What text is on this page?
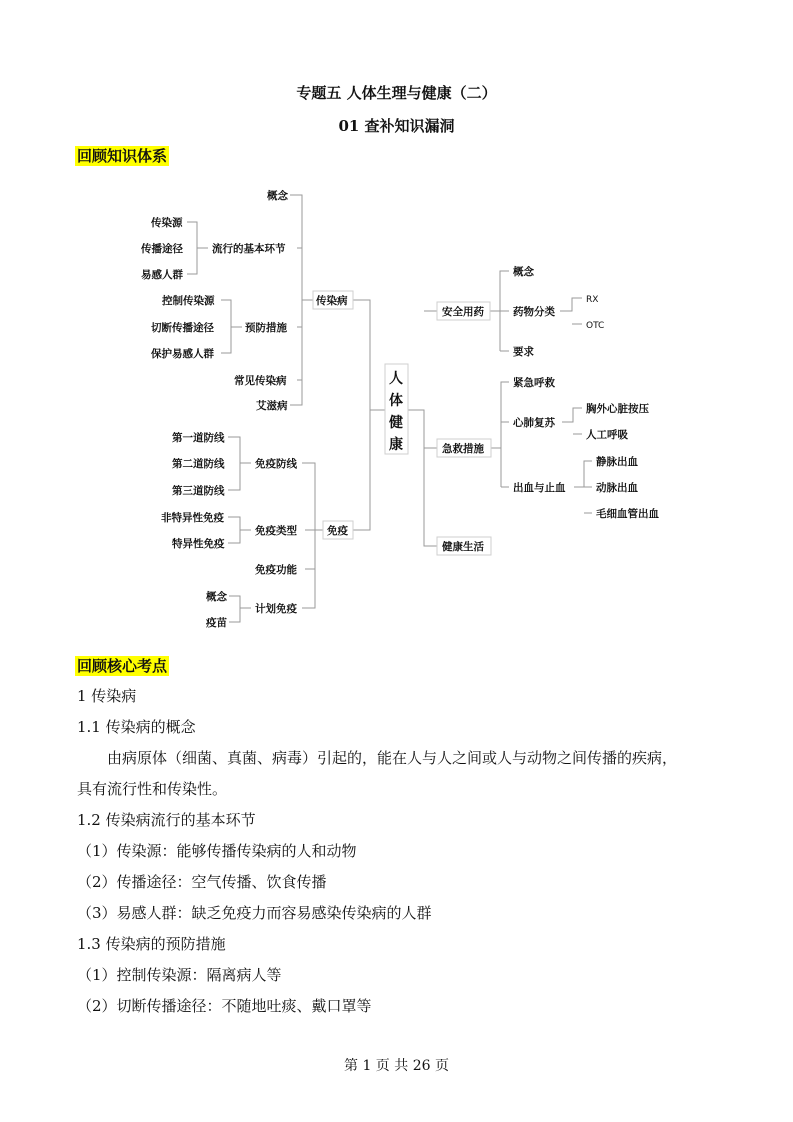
专题五 人体生理与健康（二）
01 查补知识漏洞
回顾知识体系
人体健康
概念
传染源
传播途径
易感人群
流行的基本环节
控制传染源
切断传播途径
保护易感人群
预防措施
常见传染病
艾滋病
传染病
第一道防线
第二道防线
第三道防线
免疫防线
非特异性免疫
特异性免疫
免疫类型
免疫功能
概念
疫苗
计划免疫
免疫
安全用药
概念
药物分类
RX
OTC
要求
急救措施
紧急呼救
心肺复苏
胸外心脏按压
人工呼吸
出血与止血
静脉出血
动脉出血
毛细血管出血
健康生活
回顾核心考点
1 传染病
1.1 传染病的概念
由病原体（细菌、真菌、病毒）引起的，能在人与人之间或人与动物之间传播的疾病，
具有流行性和传染性。
1.2 传染病流行的基本环节
（1）传染源：能够传播传染病的人和动物
（2）传播途径：空气传播、饮食传播
（3）易感人群：缺乏免疫力而容易感染传染病的人群
1.3 传染病的预防措施
（1）控制传染源：隔离病人等
（2）切断传播途径：不随地吐痰、戴口罩等
第 1 页 共 26 页
